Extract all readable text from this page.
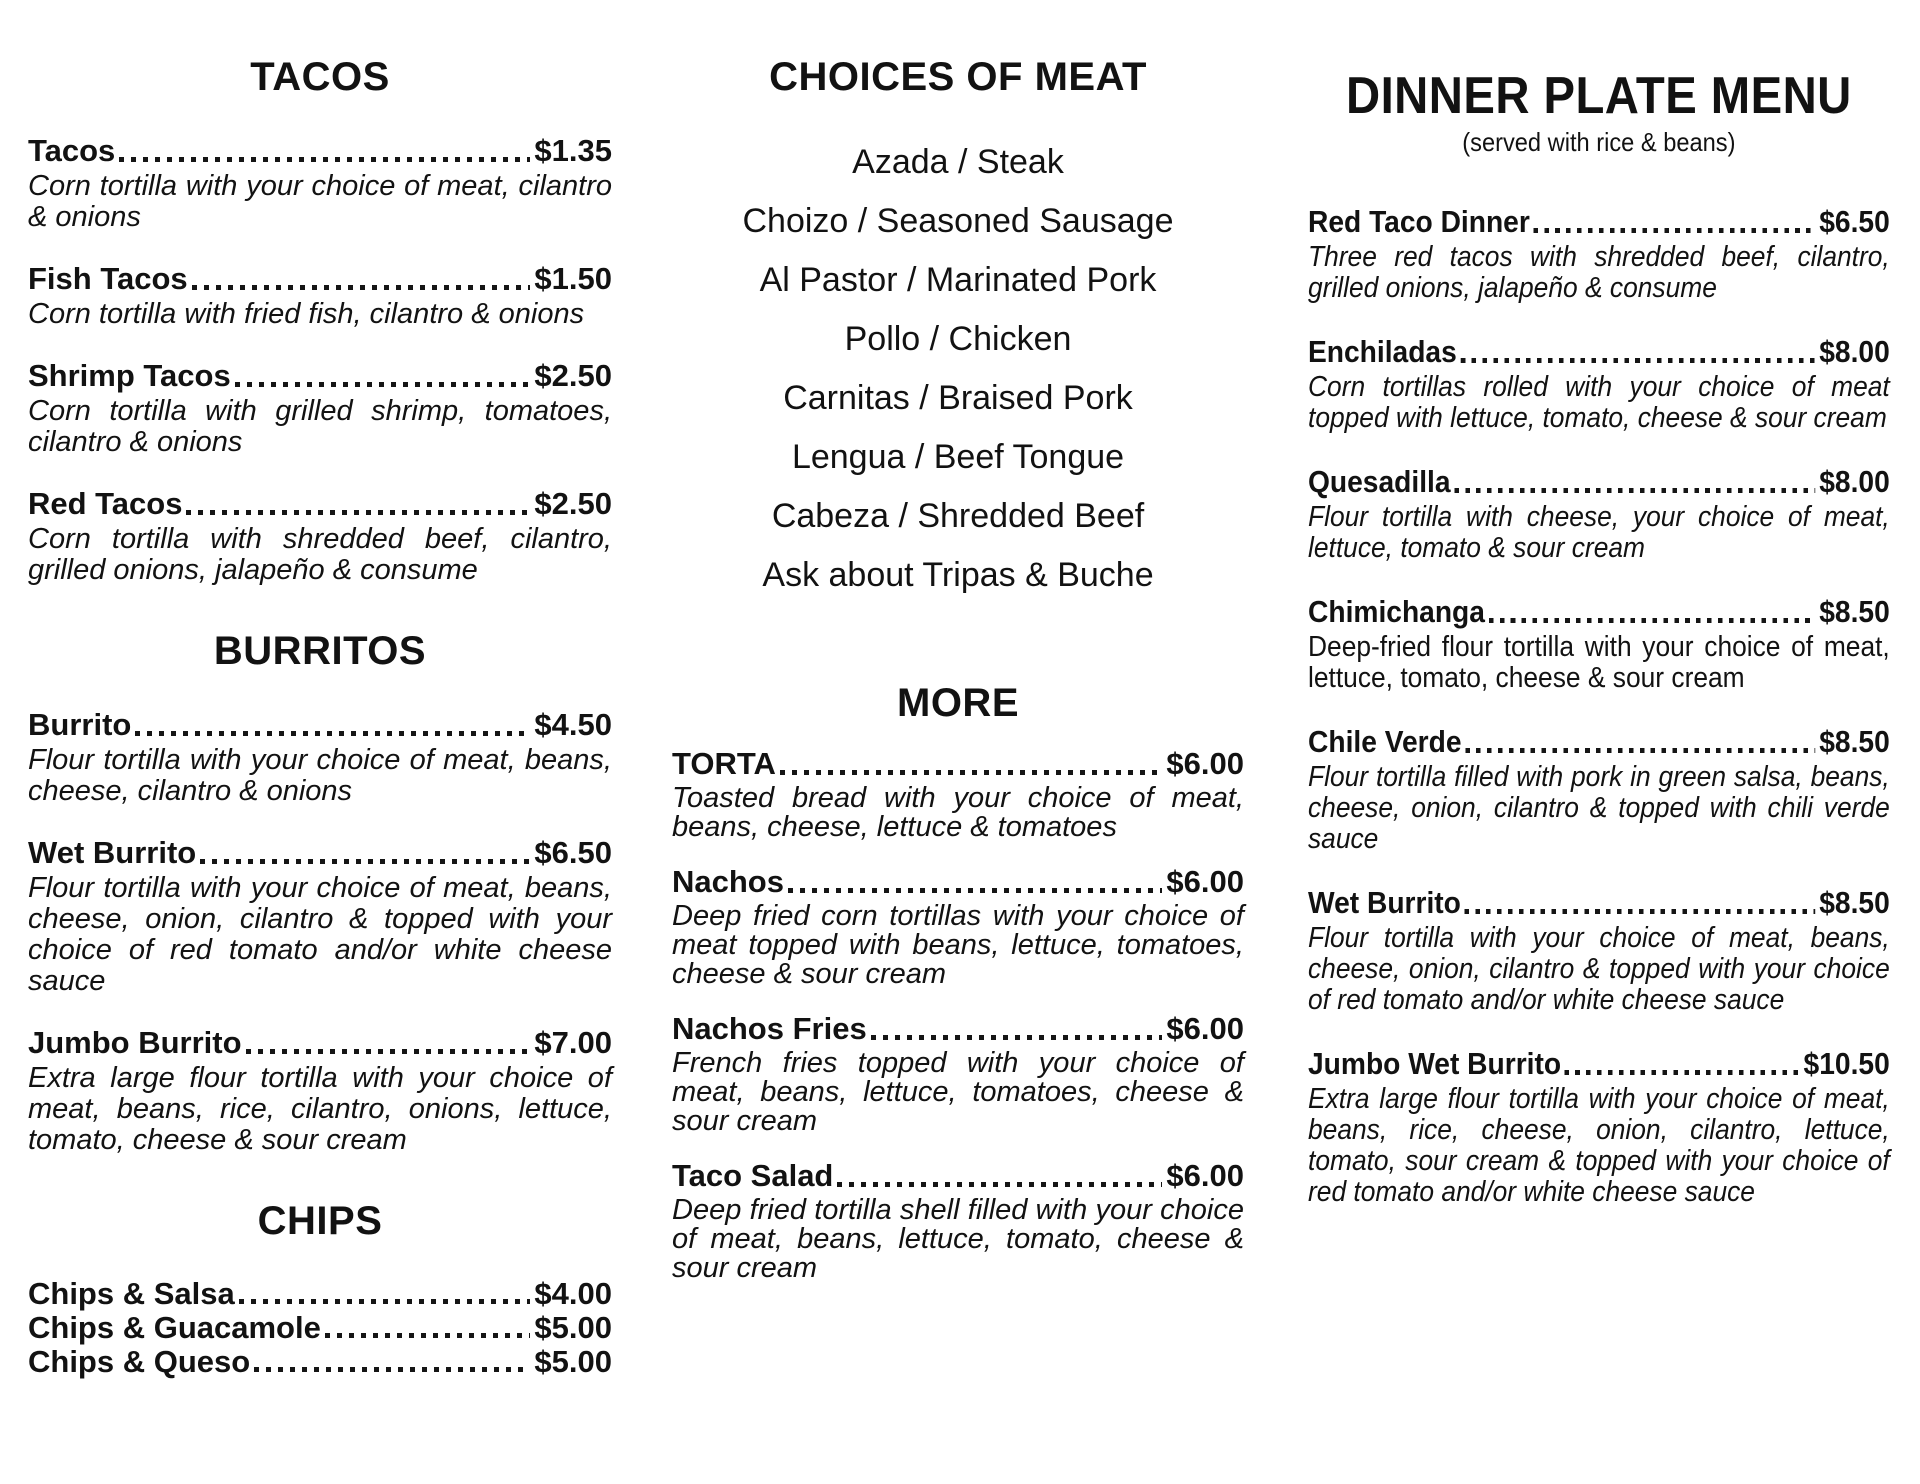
TACOS
Tacos	$1.35
Corn tortilla with your choice of meat, cilantro & onions
Fish Tacos	$1.50
Corn tortilla with fried fish, cilantro & onions
Shrimp Tacos	$2.50
Corn tortilla with grilled shrimp, tomatoes, cilantro & onions
Red Tacos	$2.50
Corn tortilla with shredded beef, cilantro, grilled onions, jalapeño & consume
BURRITOS
Burrito	$4.50
Flour tortilla with your choice of meat, beans, cheese, cilantro & onions
Wet Burrito	$6.50
Flour tortilla with your choice of meat, beans, cheese, onion, cilantro & topped with your choice of red tomato and/or white cheese sauce
Jumbo Burrito	$7.00
Extra large flour tortilla with your choice of meat, beans, rice, cilantro, onions, lettuce, tomato, cheese & sour cream
CHIPS
Chips & Salsa	$4.00
Chips & Guacamole	$5.00
Chips & Queso	$5.00
CHOICES OF MEAT
Azada / Steak
Choizo / Seasoned Sausage
Al Pastor / Marinated Pork
Pollo / Chicken
Carnitas / Braised Pork
Lengua / Beef Tongue
Cabeza / Shredded Beef
Ask about Tripas & Buche
MORE
TORTA	$6.00
Toasted bread with your choice of meat, beans, cheese, lettuce & tomatoes
Nachos	$6.00
Deep fried corn tortillas with your choice of meat topped with beans, lettuce, tomatoes, cheese & sour cream
Nachos Fries	$6.00
French fries topped with your choice of meat, beans, lettuce, tomatoes, cheese & sour cream
Taco Salad	$6.00
Deep fried tortilla shell filled with your choice of meat, beans, lettuce, tomato, cheese & sour cream
DINNER PLATE MENU
(served with rice & beans)
Red Taco Dinner	$6.50
Three red tacos with shredded beef, cilantro, grilled onions, jalapeño & consume
Enchiladas	$8.00
Corn tortillas rolled with your choice of meat topped with lettuce, tomato, cheese & sour cream
Quesadilla	$8.00
Flour tortilla with cheese, your choice of meat, lettuce, tomato & sour cream
Chimichanga	$8.50
Deep-fried flour tortilla with your choice of meat, lettuce, tomato, cheese & sour cream
Chile Verde	$8.50
Flour tortilla filled with pork in green salsa, beans, cheese, onion, cilantro & topped with chili verde sauce
Wet Burrito	$8.50
Flour tortilla with your choice of meat, beans, cheese, onion, cilantro & topped with your choice of red tomato and/or white cheese sauce
Jumbo Wet Burrito	$10.50
Extra large flour tortilla with your choice of meat, beans, rice, cheese, onion, cilantro, lettuce, tomato, sour cream & topped with your choice of red tomato and/or white cheese sauce
